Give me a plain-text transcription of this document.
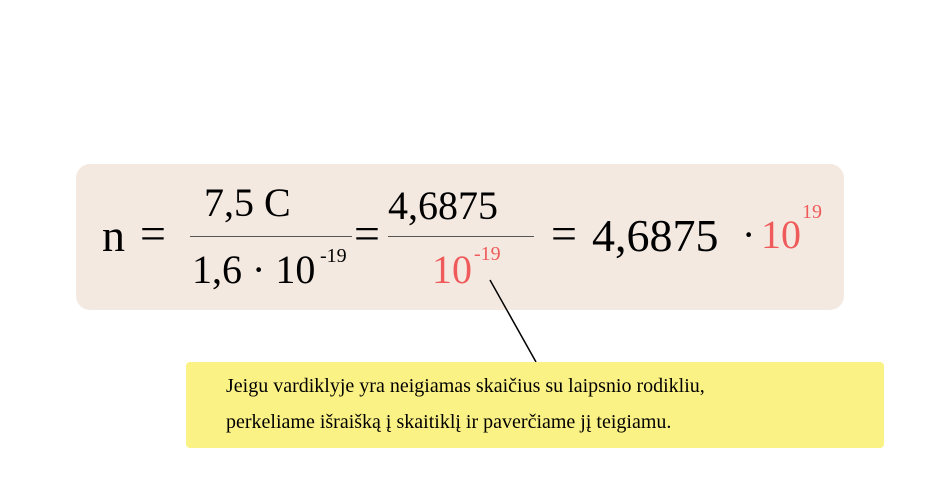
n =
7,5 C
1,6 · 10 -19 =
4,6875
10 -19 = 4,6875 · 10 19
Jeigu vardiklyje yra neigiamas skaičius su laipsnio rodikliu,
perkeliame išraišką į skaitiklį ir paverčiame jį teigiamu.
